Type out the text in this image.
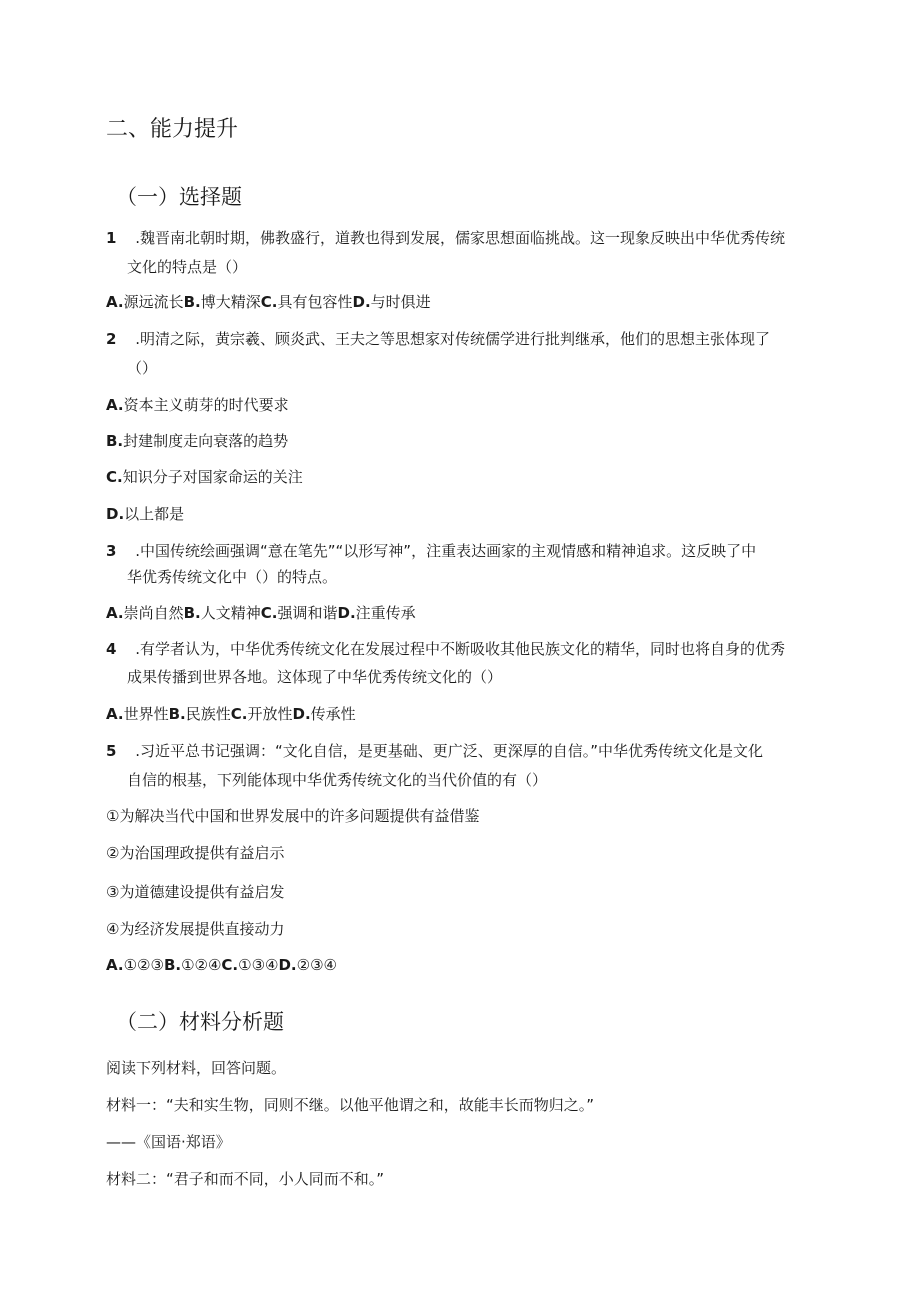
二、能力提升
（一）选择题
1 .魏晋南北朝时期，佛教盛行，道教也得到发展，儒家思想面临挑战。这一现象反映出中华优秀传统
文化的特点是（）
A.源远流长B.博大精深C.具有包容性D.与时俱进
2 .明清之际，黄宗羲、顾炎武、王夫之等思想家对传统儒学进行批判继承，他们的思想主张体现了
（）
A.资本主义萌芽的时代要求
B.封建制度走向衰落的趋势
C.知识分子对国家命运的关注
D.以上都是
3 .中国传统绘画强调“意在笔先”“以形写神”，注重表达画家的主观情感和精神追求。这反映了中
华优秀传统文化中（）的特点。
A.崇尚自然B.人文精神C.强调和谐D.注重传承
4 .有学者认为，中华优秀传统文化在发展过程中不断吸收其他民族文化的精华，同时也将自身的优秀
成果传播到世界各地。这体现了中华优秀传统文化的（）
A.世界性B.民族性C.开放性D.传承性
5 .习近平总书记强调：“文化自信，是更基础、更广泛、更深厚的自信。”中华优秀传统文化是文化
自信的根基，下列能体现中华优秀传统文化的当代价值的有（）
①为解决当代中国和世界发展中的许多问题提供有益借鉴
②为治国理政提供有益启示
③为道德建设提供有益启发
④为经济发展提供直接动力
A.①②③B.①②④C.①③④D.②③④
（二）材料分析题
阅读下列材料，回答问题。
材料一：“夫和实生物，同则不继。以他平他谓之和，故能丰长而物归之。”
——《国语·郑语》
材料二：“君子和而不同，小人同而不和。”
